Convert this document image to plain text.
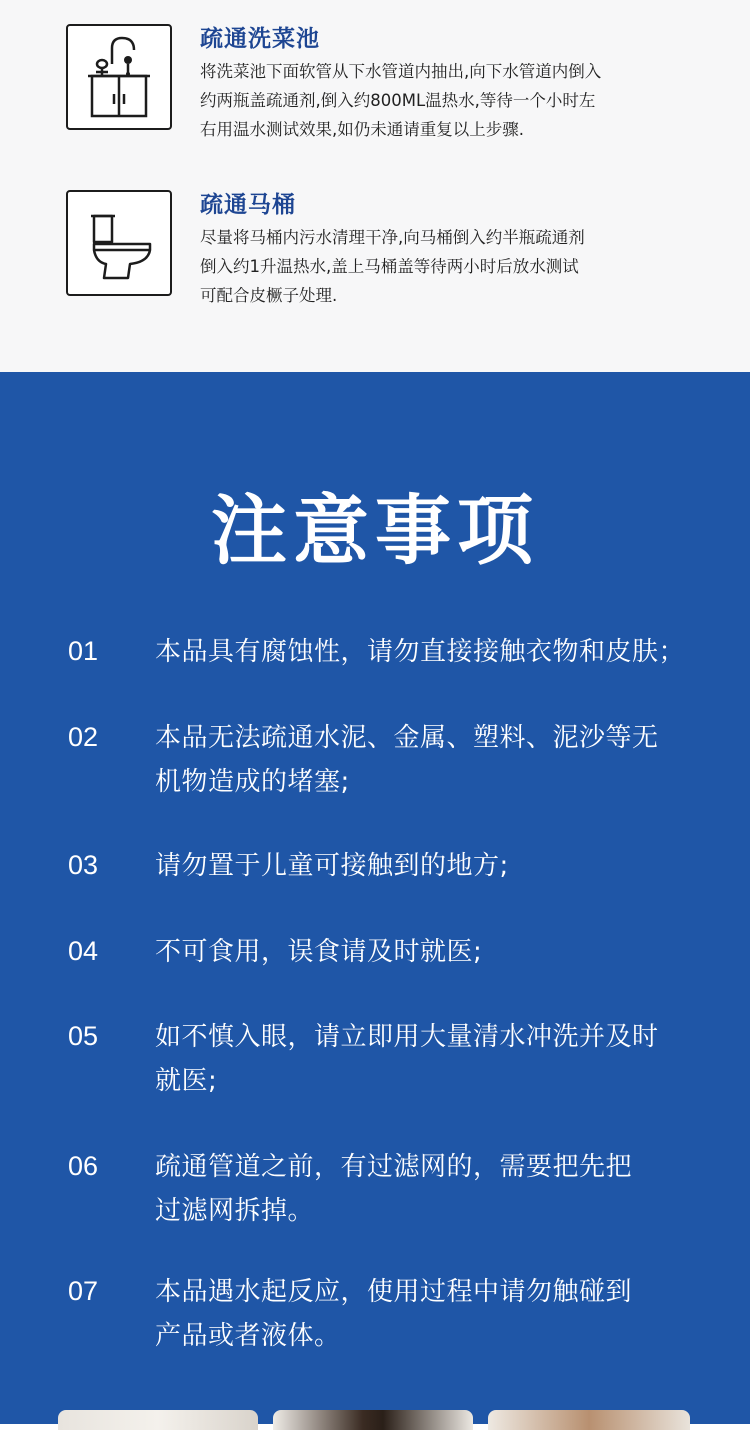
疏通洗菜池
将洗菜池下面软管从下水管道内抽出,向下水管道内倒入
约两瓶盖疏通剂,倒入约800ML温热水,等待一个小时左
右用温水测试效果,如仍未通请重复以上步骤.
疏通马桶
尽量将马桶内污水清理干净,向马桶倒入约半瓶疏通剂
倒入约1升温热水,盖上马桶盖等待两小时后放水测试
可配合皮橛子处理.
注意事项
01 本品具有腐蚀性，请勿直接接触衣物和皮肤；
02 本品无法疏通水泥、金属、塑料、泥沙等无
机物造成的堵塞;
03 请勿置于儿童可接触到的地方;
04 不可食用，误食请及时就医;
05 如不慎入眼，请立即用大量清水冲洗并及时
就医;
06 疏通管道之前，有过滤网的，需要把先把
过滤网拆掉。
07 本品遇水起反应，使用过程中请勿触碰到
产品或者液体。
